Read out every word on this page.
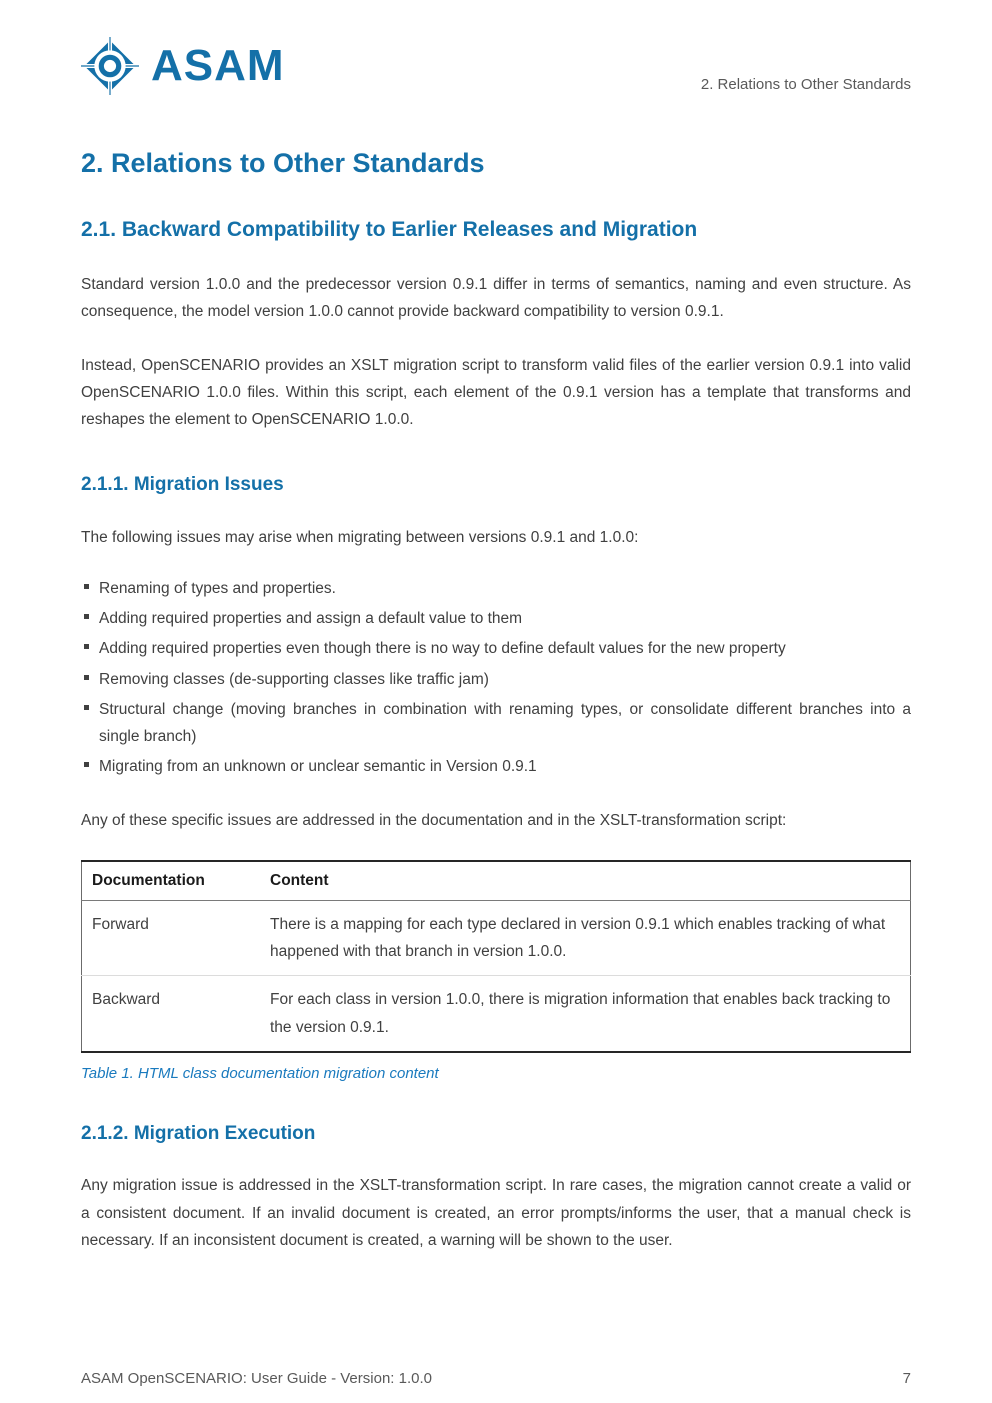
ASAM	2. Relations to Other Standards
2. Relations to Other Standards
2.1. Backward Compatibility to Earlier Releases and Migration

Standard version 1.0.0 and the predecessor version 0.9.1 differ in terms of semantics, naming and even structure. As consequence, the model version 1.0.0 cannot provide backward compatibility to version 0.9.1.

Instead, OpenSCENARIO provides an XSLT migration script to transform valid files of the earlier version 0.9.1 into valid OpenSCENARIO 1.0.0 files. Within this script, each element of the 0.9.1 version has a template that transforms and reshapes the element to OpenSCENARIO 1.0.0.

2.1.1. Migration Issues

The following issues may arise when migrating between versions 0.9.1 and 1.0.0:

Renaming of types and properties.
Adding required properties and assign a default value to them
Adding required properties even though there is no way to define default values for the new property
Removing classes (de-supporting classes like traffic jam)
Structural change (moving branches in combination with renaming types, or consolidate different branches into a single branch)
Migrating from an unknown or unclear semantic in Version 0.9.1

Any of these specific issues are addressed in the documentation and in the XSLT-transformation script:

Documentation	Content
Forward	There is a mapping for each type declared in version 0.9.1 which enables tracking of what happened with that branch in version 1.0.0.
Backward	For each class in version 1.0.0, there is migration information that enables back tracking to the version 0.9.1.
Table 1. HTML class documentation migration content
2.1.2. Migration Execution

Any migration issue is addressed in the XSLT-transformation script. In rare cases, the migration cannot create a valid or a consistent document. If an invalid document is created, an error prompts/informs the user, that a manual check is necessary. If an inconsistent document is created, a warning will be shown to the user.

ASAM OpenSCENARIO: User Guide - Version: 1.0.0	7
